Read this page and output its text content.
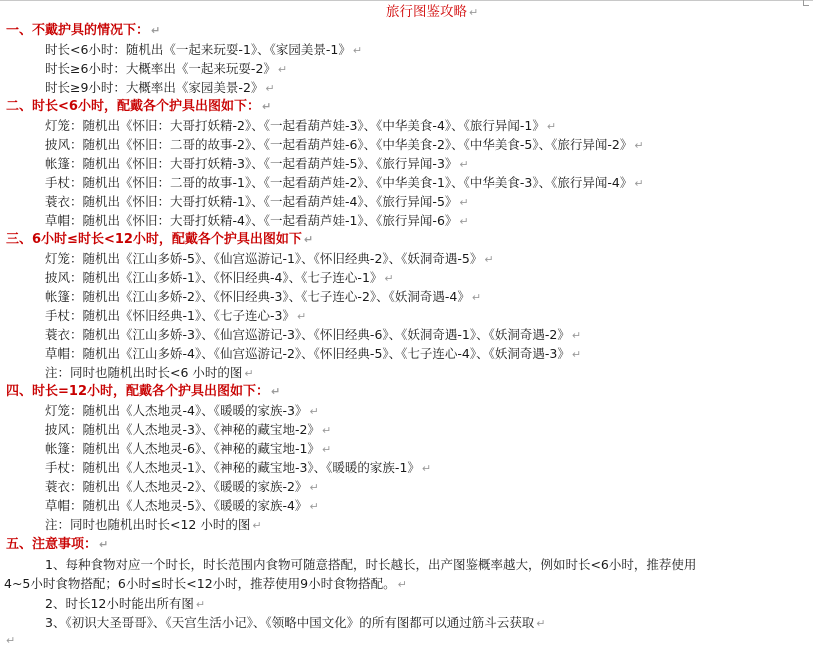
旅行图鉴攻略 ↵
一、不戴护具的情况下： ↵
时长<6小时：随机出《一起来玩耍-1》、《家园美景-1》 ↵
时长≥6小时：大概率出《一起来玩耍-2》 ↵
时长≥9小时：大概率出《家园美景-2》 ↵
二、时长<6小时，配戴各个护具出图如下： ↵
灯笼：随机出《怀旧：大哥打妖精-2》、《一起看葫芦娃-3》、《中华美食-4》、《旅行异闻-1》 ↵
披风：随机出《怀旧：二哥的故事-2》、《一起看葫芦娃-6》、《中华美食-2》、《中华美食-5》、《旅行异闻-2》 ↵
帐篷：随机出《怀旧：大哥打妖精-3》、《一起看葫芦娃-5》、《旅行异闻-3》 ↵
手杖：随机出《怀旧：二哥的故事-1》、《一起看葫芦娃-2》、《中华美食-1》、《中华美食-3》、《旅行异闻-4》 ↵
蓑衣：随机出《怀旧：大哥打妖精-1》、《一起看葫芦娃-4》、《旅行异闻-5》 ↵
草帽：随机出《怀旧：大哥打妖精-4》、《一起看葫芦娃-1》、《旅行异闻-6》 ↵
三、6小时≤时长<12小时，配戴各个护具出图如下 ↵
灯笼：随机出《江山多娇-5》、《仙宫巡游记-1》、《怀旧经典-2》、《妖洞奇遇-5》 ↵
披风：随机出《江山多娇-1》、《怀旧经典-4》、《七子连心-1》 ↵
帐篷：随机出《江山多娇-2》、《怀旧经典-3》、《七子连心-2》、《妖洞奇遇-4》 ↵
手杖：随机出《怀旧经典-1》、《七子连心-3》 ↵
蓑衣：随机出《江山多娇-3》、《仙宫巡游记-3》、《怀旧经典-6》、《妖洞奇遇-1》、《妖洞奇遇-2》 ↵
草帽：随机出《江山多娇-4》、《仙宫巡游记-2》、《怀旧经典-5》、《七子连心-4》、《妖洞奇遇-3》 ↵
注：同时也随机出时长<6 小时的图 ↵
四、时长=12小时，配戴各个护具出图如下： ↵
灯笼：随机出《人杰地灵-4》、《暖暖的家族-3》 ↵
披风：随机出《人杰地灵-3》、《神秘的藏宝地-2》 ↵
帐篷：随机出《人杰地灵-6》、《神秘的藏宝地-1》 ↵
手杖：随机出《人杰地灵-1》、《神秘的藏宝地-3》、《暖暖的家族-1》 ↵
蓑衣：随机出《人杰地灵-2》、《暖暖的家族-2》 ↵
草帽：随机出《人杰地灵-5》、《暖暖的家族-4》 ↵
注：同时也随机出时长<12 小时的图 ↵
五、注意事项： ↵
1、每种食物对应一个时长，时长范围内食物可随意搭配，时长越长，出产图鉴概率越大，例如时长<6小时，推荐使用
4~5小时食物搭配；6小时≤时长<12小时，推荐使用9小时食物搭配。 ↵
2、时长12小时能出所有图 ↵
3、《初识大圣哥哥》、《天宫生活小记》、《领略中国文化》的所有图都可以通过筋斗云获取 ↵
↵
